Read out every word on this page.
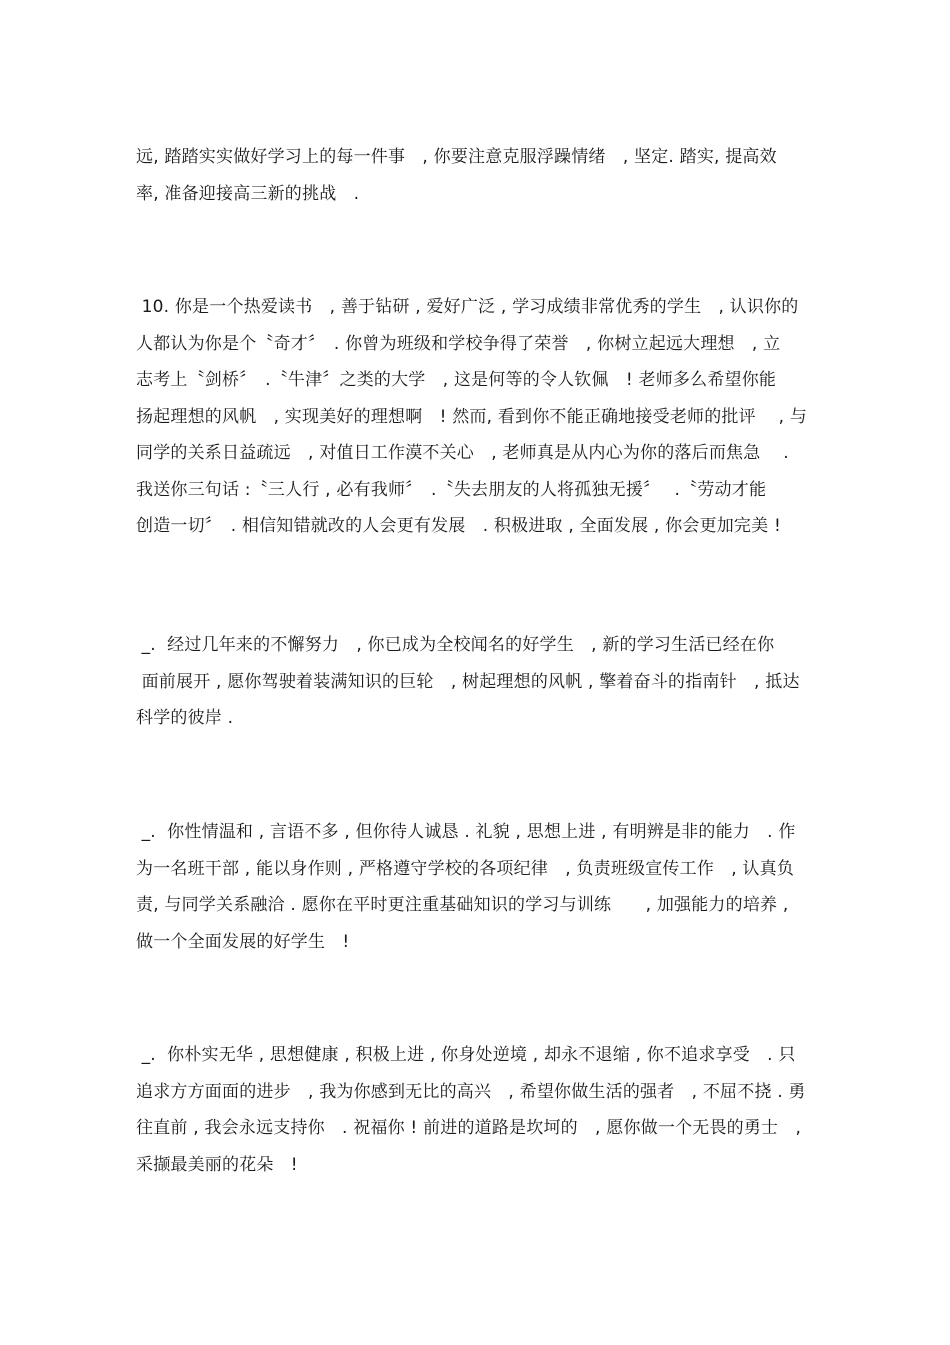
远, 踏踏实实做好学习上的每一件事　, 你要注意克服浮躁情绪　, 坚定. 踏实, 提高效
率, 准备迎接高三新的挑战　.
10. 你是一个热爱读书　, 善于钻研 , 爱好广泛 , 学习成绩非常优秀的学生　, 认识你的
人都认为你是个〝奇才〞　. 你曾为班级和学校争得了荣誉　, 你树立起远大理想　, 立
志考上〝剑桥〞　.〝牛津〞之类的大学　, 这是何等的令人钦佩　! 老师多么希望你能
扬起理想的风帆　, 实现美好的理想啊　! 然而, 看到你不能正确地接受老师的批评　 , 与
同学的关系日益疏远　, 对值日工作漠不关心　, 老师真是从内心为你的落后而焦急　 .
我送你三句话 :〝三人行 , 必有我师〞　.〝失去朋友的人将孤独无援〞　 .〝劳动才能
创造一切〞　. 相信知错就改的人会更有发展　. 积极进取 , 全面发展 , 你会更加完美 !
_.  经过几年来的不懈努力　, 你已成为全校闻名的好学生　, 新的学习生活已经在你
面前展开 , 愿你驾驶着装满知识的巨轮　, 树起理想的风帆 , 擎着奋斗的指南针　, 抵达
科学的彼岸 .
_.  你性情温和 , 言语不多 , 但你待人诚恳 . 礼貌 , 思想上进 , 有明辨是非的能力　. 作
为一名班干部 , 能以身作则 , 严格遵守学校的各项纪律　, 负责班级宣传工作　, 认真负
责, 与同学关系融洽 . 愿你在平时更注重基础知识的学习与训练　　, 加强能力的培养 ,
做一个全面发展的好学生　!
_.  你朴实无华 , 思想健康 , 积极上进 , 你身处逆境 , 却永不退缩 , 你不追求享受　. 只
追求方方面面的进步　, 我为你感到无比的高兴　, 希望你做生活的强者　, 不屈不挠 . 勇
往直前 , 我会永远支持你　. 祝福你 ! 前进的道路是坎坷的　, 愿你做一个无畏的勇士　,
采撷最美丽的花朵　!
